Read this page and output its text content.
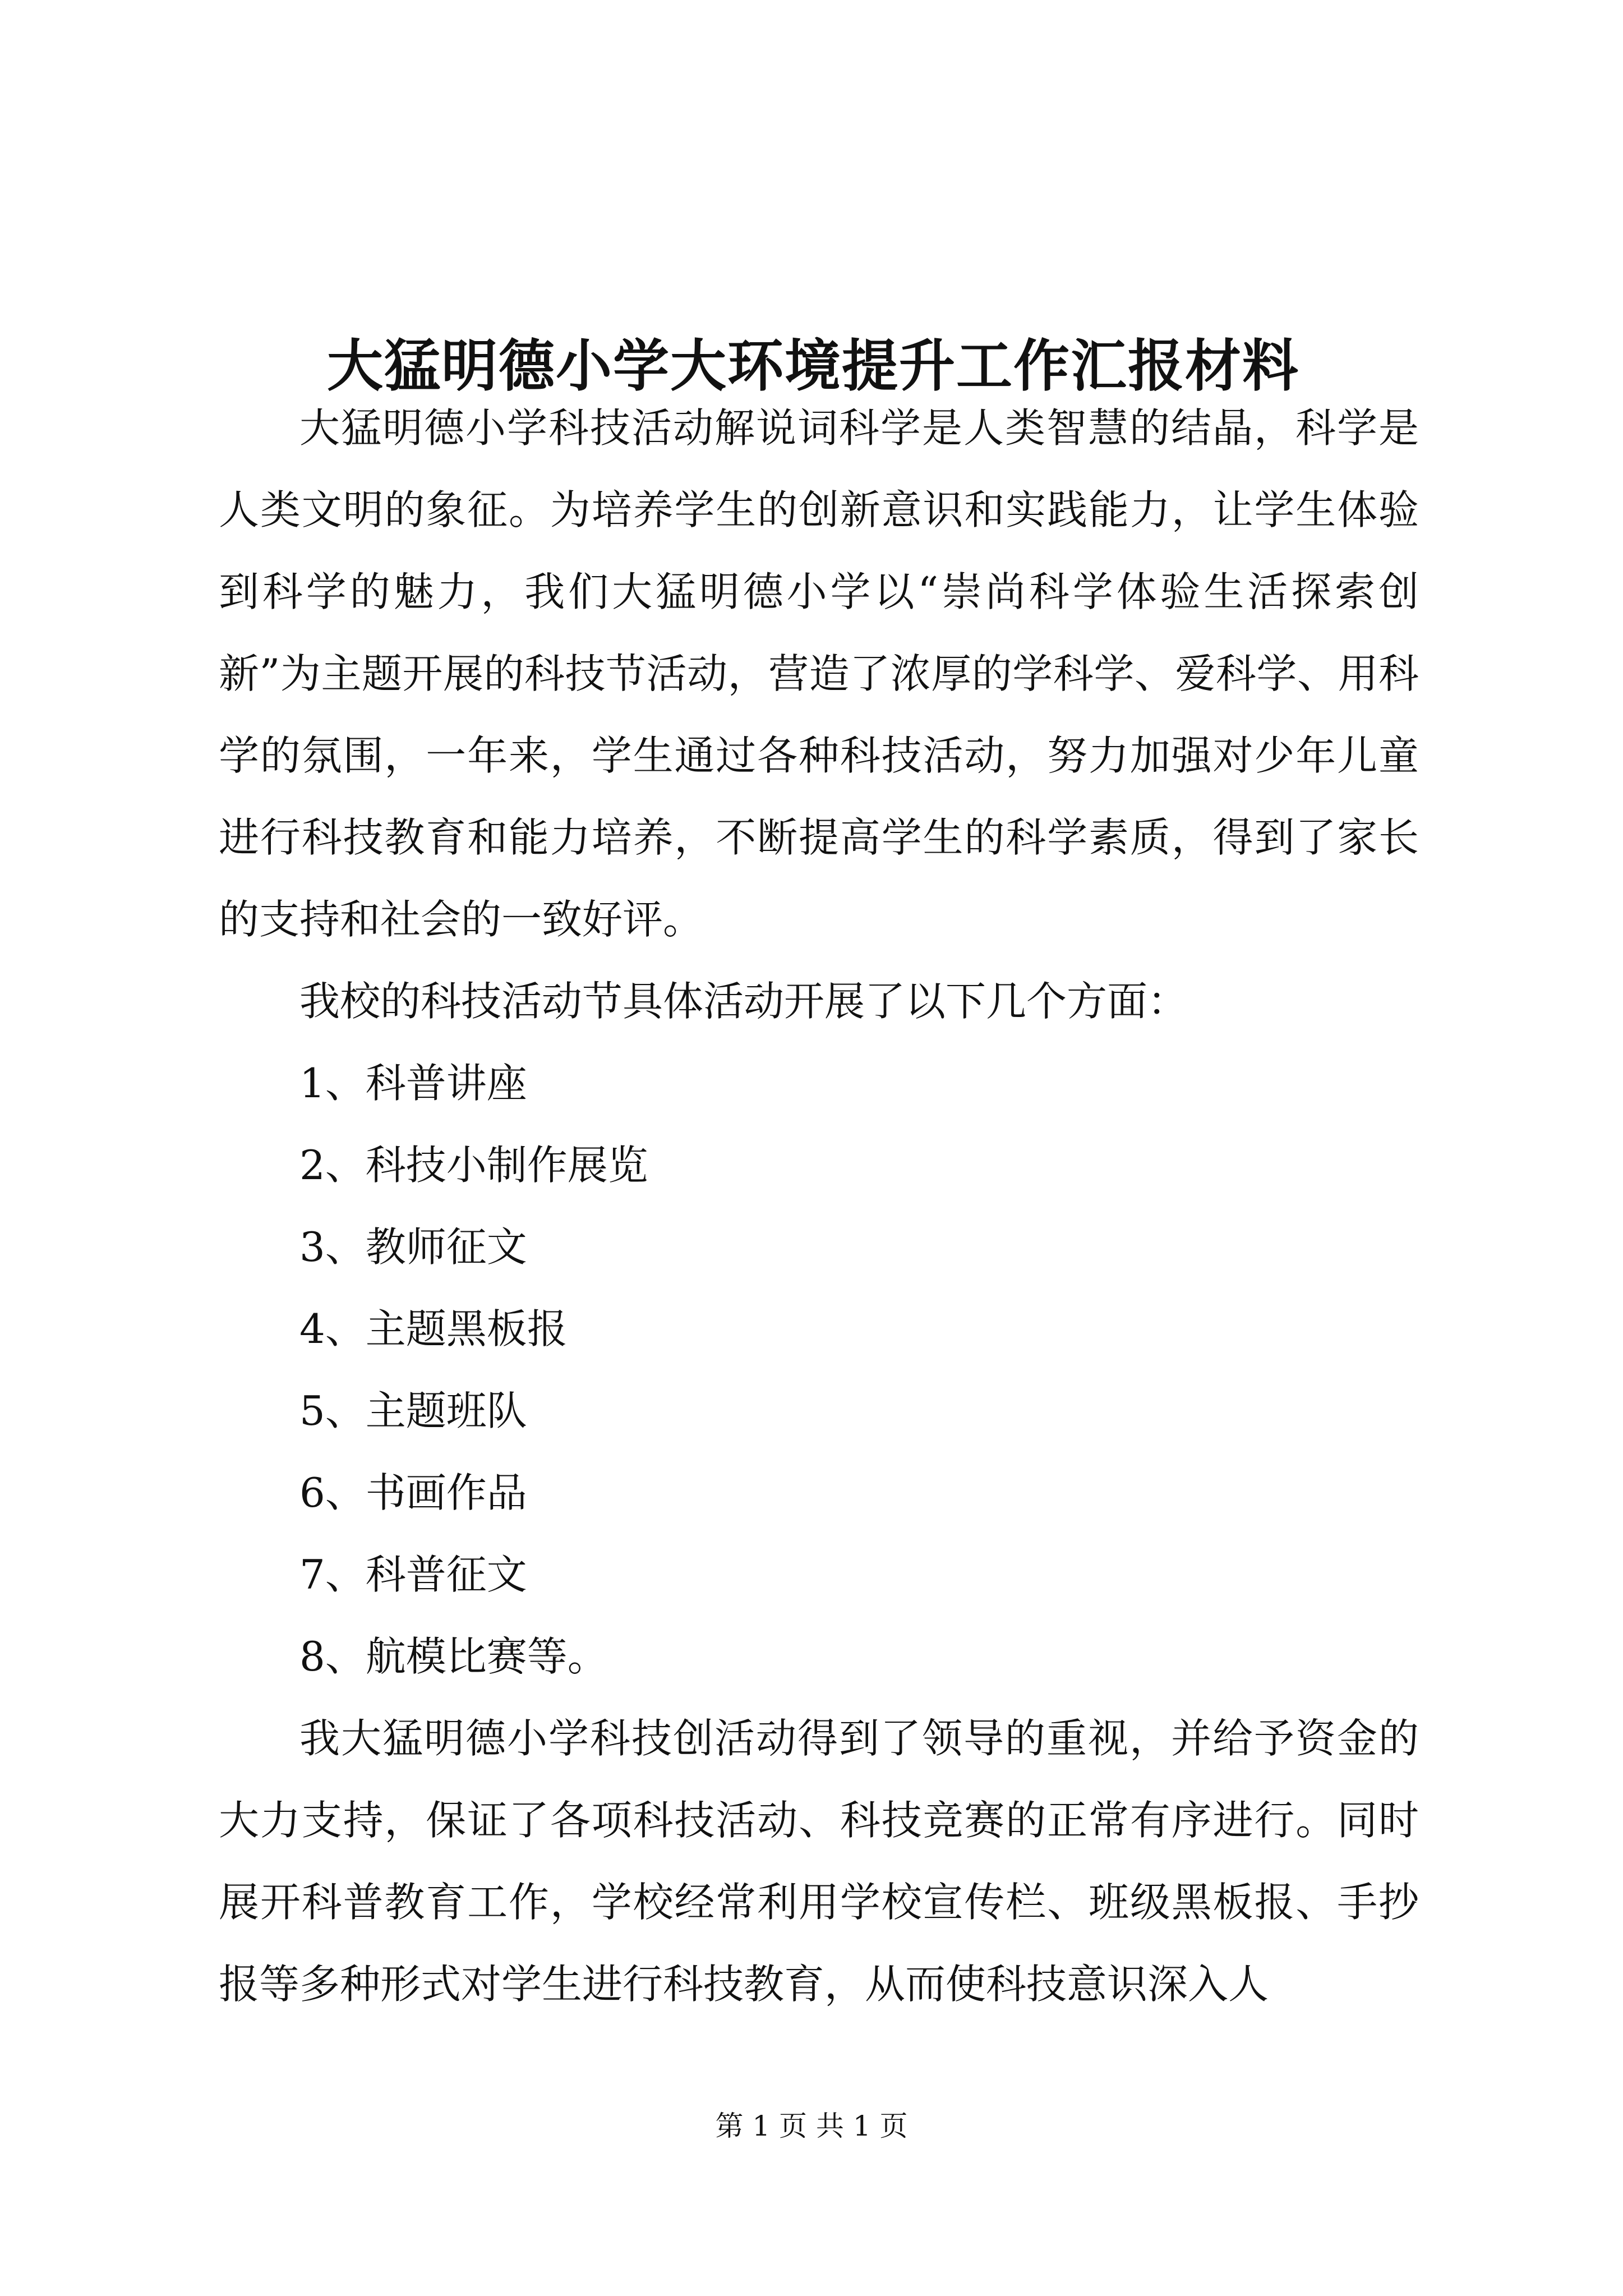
大猛明德小学大环境提升工作汇报材料

大猛明德小学科技活动解说词科学是人类智慧的结晶，科学是人类文明的象征。为培养学生的创新意识和实践能力，让学生体验到科学的魅力，我们大猛明德小学以“崇尚科学体验生活探索创新”为主题开展的科技节活动，营造了浓厚的学科学、爱科学、用科学的氛围，一年来，学生通过各种科技活动，努力加强对少年儿童进行科技教育和能力培养，不断提高学生的科学素质，得到了家长的支持和社会的一致好评。

我校的科技活动节具体活动开展了以下几个方面：

1、科普讲座
2、科技小制作展览
3、教师征文
4、主题黑板报
5、主题班队
6、书画作品
7、科普征文
8、航模比赛等。

我大猛明德小学科技创活动得到了领导的重视，并给予资金的大力支持，保证了各项科技活动、科技竞赛的正常有序进行。同时展开科普教育工作，学校经常利用学校宣传栏、班级黑板报、手抄报等多种形式对学生进行科技教育，从而使科技意识深入人

第 1 页 共 1 页
